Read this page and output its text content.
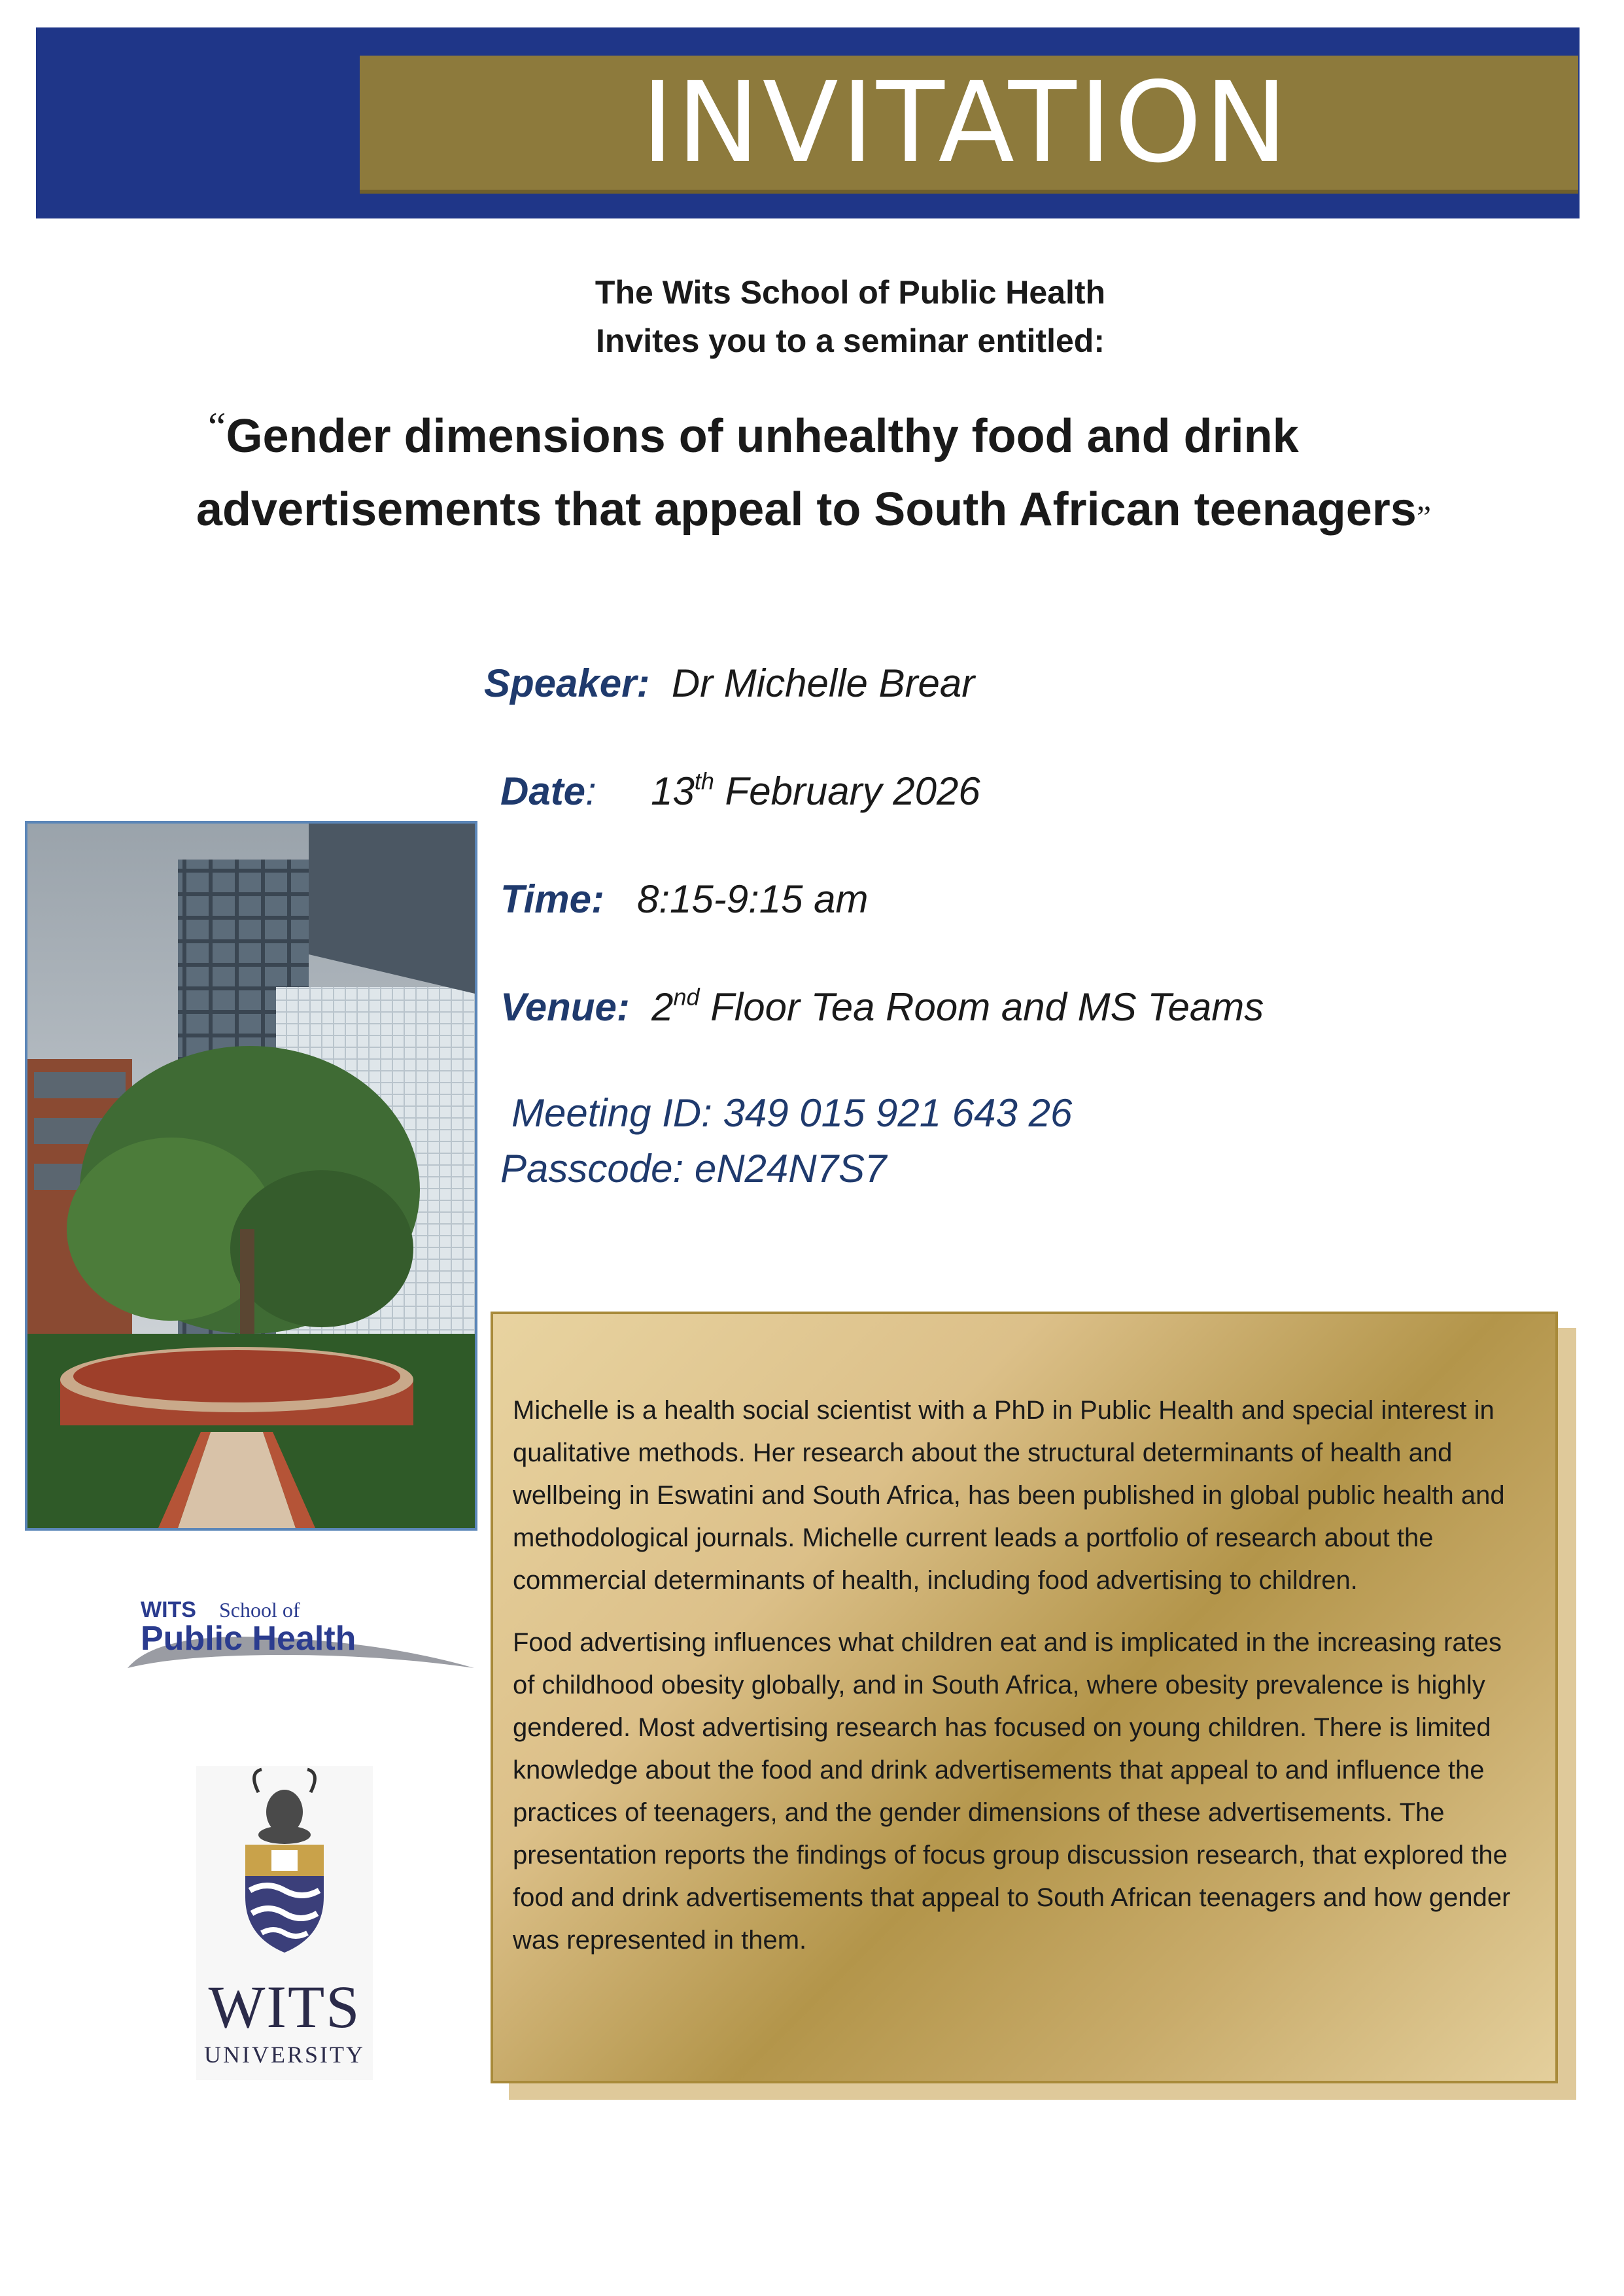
INVITATION
The Wits School of Public Health
Invites you to a seminar entitled:
“Gender dimensions of unhealthy food and drink
advertisements that appeal to South African teenagers”
Speaker: Dr Michelle Brear
Date: 13th February 2026
Time: 8:15-9:15 am
Venue: 2nd Floor Tea Room and MS Teams
Meeting ID: 349 015 921 643 26
Passcode: eN24N7S7
WITS School of
Public Health
WITS
UNIVERSITY

Michelle is a health social scientist with a PhD in Public Health and special interest in qualitative methods. Her research about the structural determinants of health and wellbeing in Eswatini and South Africa, has been published in global public health and methodological journals. Michelle current leads a portfolio of research about the commercial determinants of health, including food advertising to children.

Food advertising influences what children eat and is implicated in the increasing rates of childhood obesity globally, and in South Africa, where obesity prevalence is highly gendered. Most advertising research has focused on young children. There is limited knowledge about the food and drink advertisements that appeal to and influence the practices of teenagers, and the gender dimensions of these advertisements. The presentation reports the findings of focus group discussion research, that explored the food and drink advertisements that appeal to South African teenagers and how gender was represented in them.
